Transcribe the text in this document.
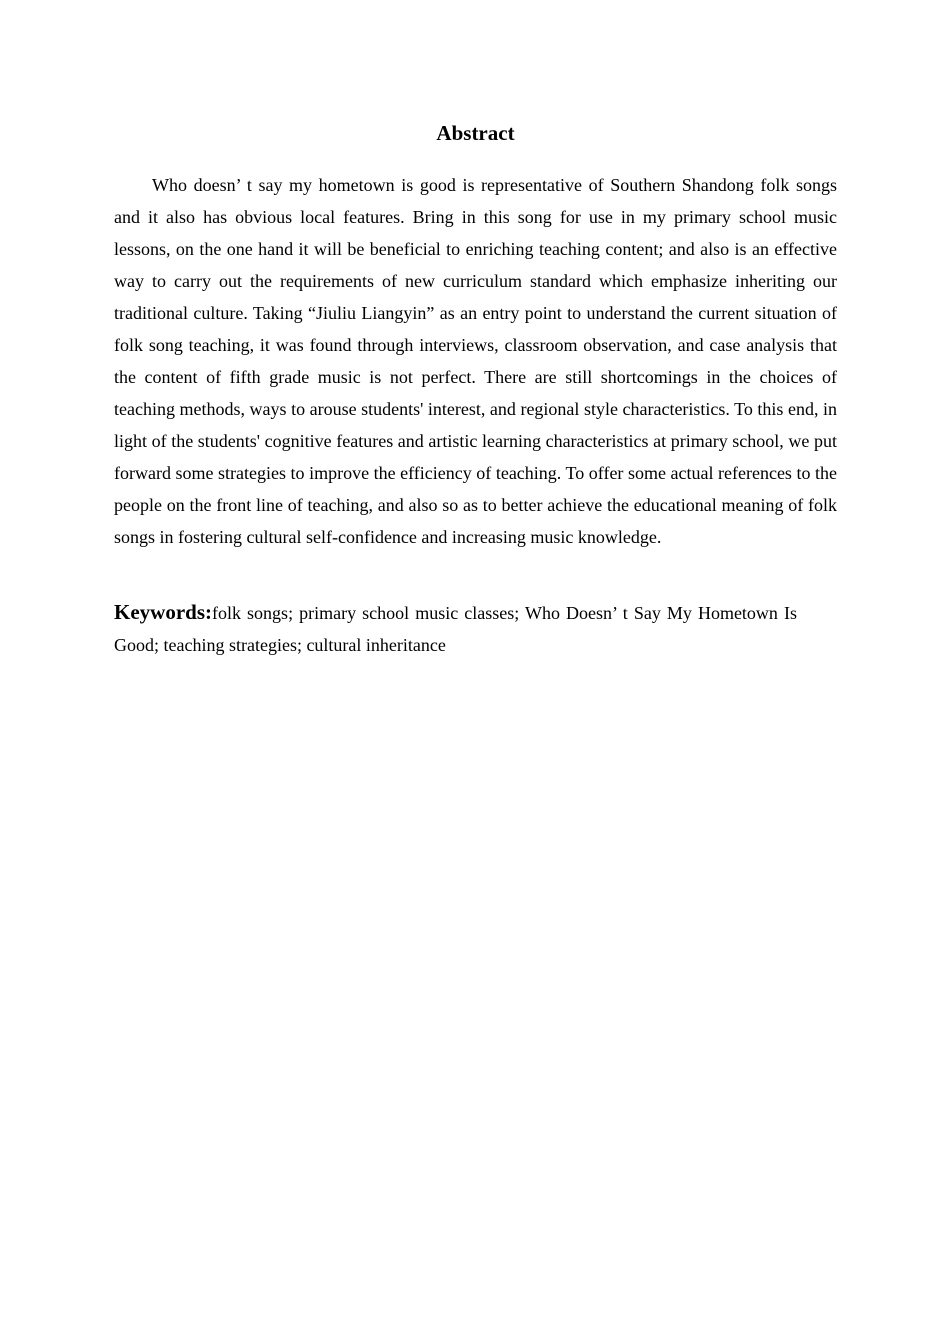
Abstract

Who doesn’ t say my hometown is good is representative of Southern Shandong folk songs and it also has obvious local features. Bring in this song for use in my primary school music lessons, on the one hand it will be beneficial to enriching teaching content; and also is an effective way to carry out the requirements of new curriculum standard which emphasize inheriting our traditional culture. Taking “Jiuliu Liangyin” as an entry point to understand the current situation of folk song teaching, it was found through interviews, classroom observation, and case analysis that the content of fifth grade music is not perfect. There are still shortcomings in the choices of teaching methods, ways to arouse students' interest, and regional style characteristics. To this end, in light of the students' cognitive features and artistic learning characteristics at primary school, we put forward some strategies to improve the efficiency of teaching. To offer some actual references to the people on the front line of teaching, and also so as to better achieve the educational meaning of folk songs in fostering cultural self-confidence and increasing music knowledge.

Keywords:folk songs; primary school music classes; Who Doesn’ t Say My Hometown Is Good; teaching strategies; cultural inheritance
